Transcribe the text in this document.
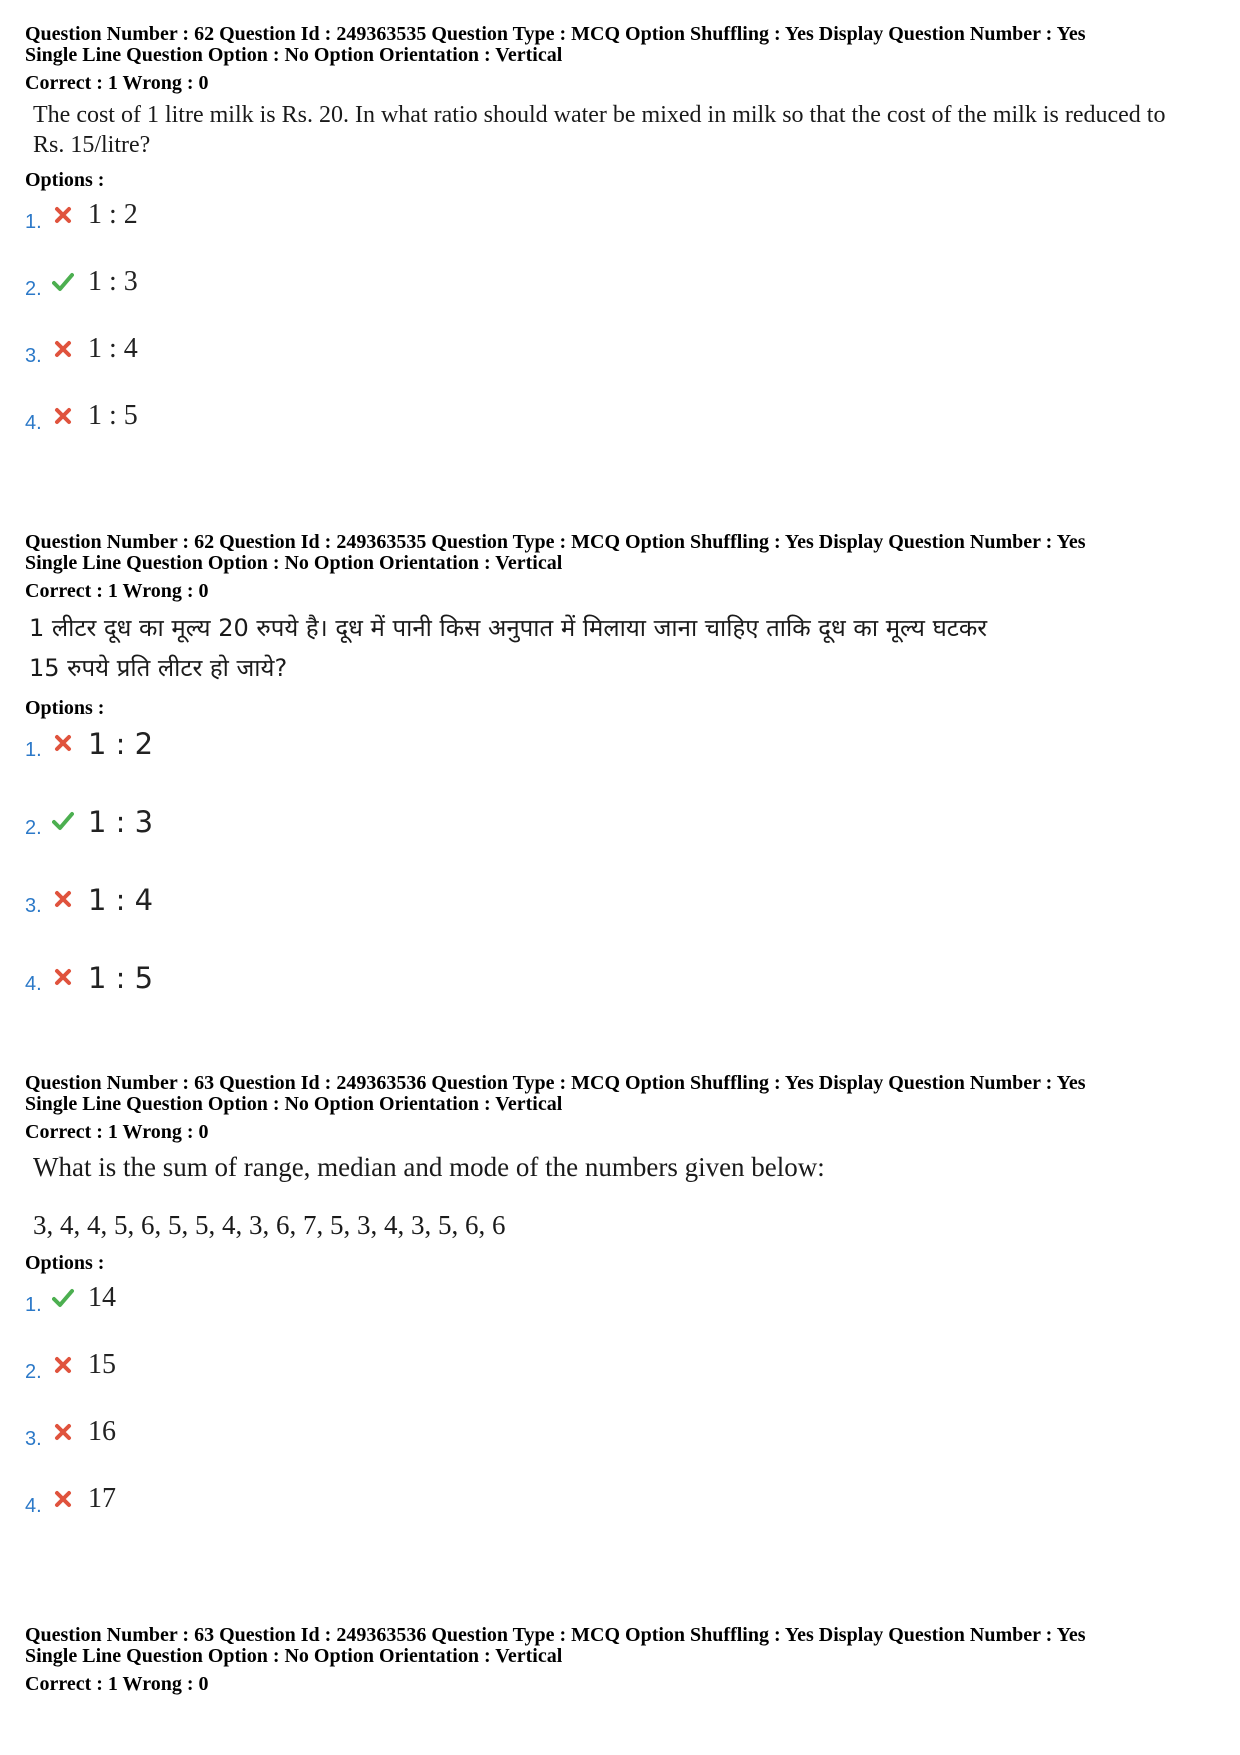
Question Number : 62 Question Id : 249363535 Question Type : MCQ Option Shuffling : Yes Display Question Number : Yes
Single Line Question Option : No Option Orientation : Vertical
Correct : 1 Wrong : 0
The cost of 1 litre milk is Rs. 20. In what ratio should water be mixed in milk so that the cost of the milk is reduced to
Rs. 15/litre?
Options :
1. 1 : 2
2. 1 : 3
3. 1 : 4
4. 1 : 5
Question Number : 62 Question Id : 249363535 Question Type : MCQ Option Shuffling : Yes Display Question Number : Yes
Single Line Question Option : No Option Orientation : Vertical
Correct : 1 Wrong : 0
1 लीटर दूध का मूल्य 20 रुपये है। दूध में पानी किस अनुपात में मिलाया जाना चाहिए ताकि दूध का मूल्य घटकर
15 रुपये प्रति लीटर हो जाये?
Options :
1. 1 : 2
2. 1 : 3
3. 1 : 4
4. 1 : 5
Question Number : 63 Question Id : 249363536 Question Type : MCQ Option Shuffling : Yes Display Question Number : Yes
Single Line Question Option : No Option Orientation : Vertical
Correct : 1 Wrong : 0
What is the sum of range, median and mode of the numbers given below:
3, 4, 4, 5, 6, 5, 5, 4, 3, 6, 7, 5, 3, 4, 3, 5, 6, 6
Options :
1. 14
2. 15
3. 16
4. 17
Question Number : 63 Question Id : 249363536 Question Type : MCQ Option Shuffling : Yes Display Question Number : Yes
Single Line Question Option : No Option Orientation : Vertical
Correct : 1 Wrong : 0
